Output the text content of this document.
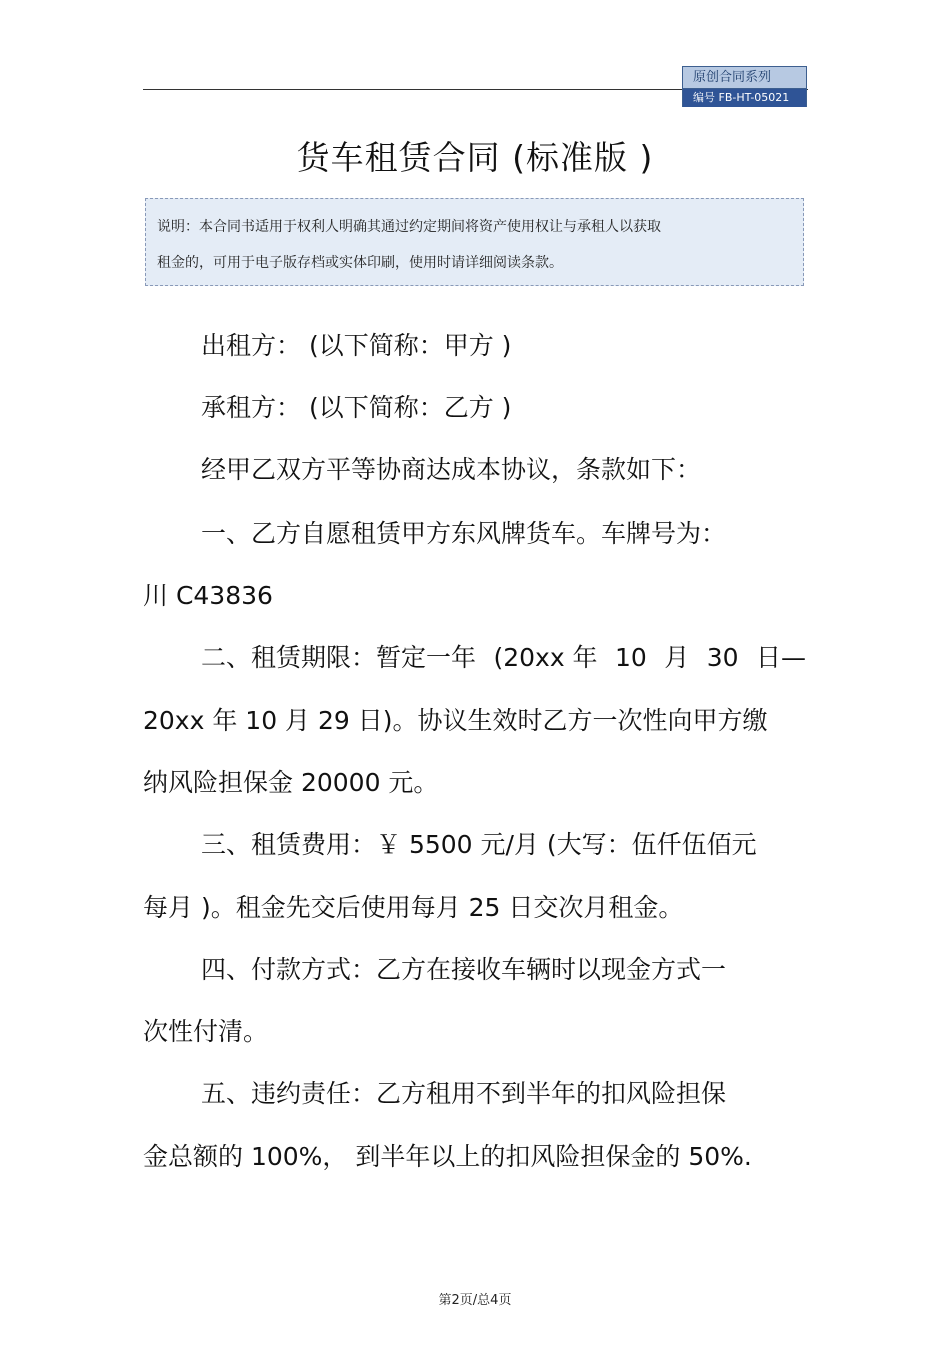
原创合同系列
编号 FB-HT-05021
货车租赁合同 (标准版 )
说明：本合同书适用于权利人明确其通过约定期间将资产使用权让与承租人以获取
租金的，可用于电子版存档或实体印刷，使用时请详细阅读条款。
出租方： (以下简称：甲方 )
承租方： (以下简称：乙方 )
经甲乙双方平等协商达成本协议，条款如下：
一、乙方自愿租赁甲方东风牌货车。车牌号为：
川 C43836
二、租赁期限：暂定一年 (20xx 年 10 月 30 日—
20xx 年 10 月 29 日)。协议生效时乙方一次性向甲方缴
纳风险担保金 20000 元。
三、租赁费用：￥ 5500 元/月 (大写：伍仟伍佰元
每月 )。租金先交后使用每月 25 日交次月租金。
四、付款方式：乙方在接收车辆时以现金方式一
次性付清。
五、违约责任：乙方租用不到半年的扣风险担保
金总额的 100%， 到半年以上的扣风险担保金的 50%.
第2页/总4页
